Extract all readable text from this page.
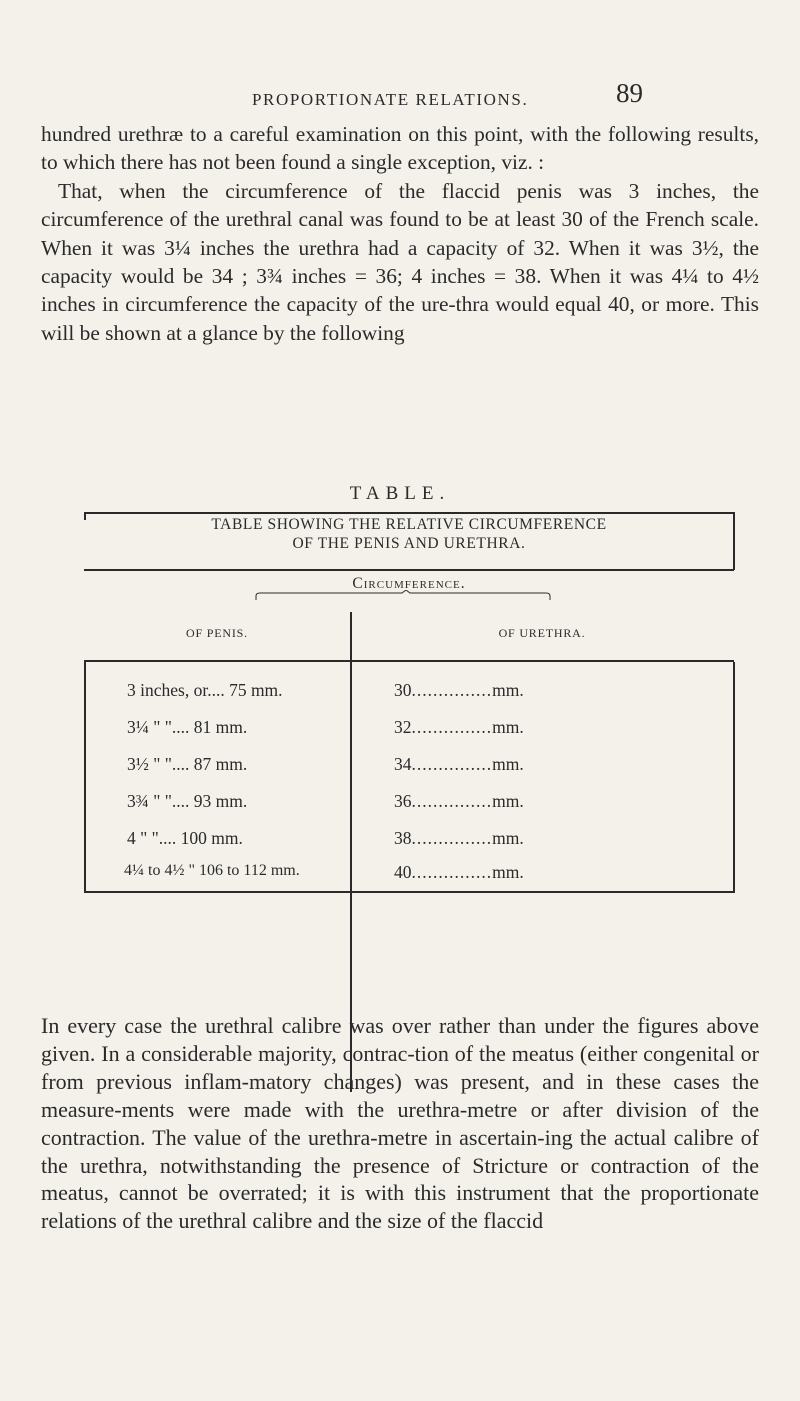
PROPORTIONATE RELATIONS.	89
hundred urethræ to a careful examination on this point, with the following results, to which there has not been found a single exception, viz. :
That, when the circumference of the flaccid penis was 3 inches, the circumference of the urethral canal was found to be at least 30 of the French scale. When it was 3¼ inches the urethra had a capacity of 32. When it was 3½, the capacity would be 34 ; 3¾ inches = 36; 4 inches = 38. When it was 4¼ to 4½ inches in circumference the capacity of the ure-thra would equal 40, or more. This will be shown at a glance by the following
TABLE.
TABLE SHOWING THE RELATIVE CIRCUMFERENCE
OF THE PENIS AND URETHRA.
Circumference.
OF PENIS.	OF URETHRA.
3 inches, or.... 75 mm.	30...............mm.
3¼ " ".... 81 mm.	32...............mm.
3½ " ".... 87 mm.	34...............mm.
3¾ " ".... 93 mm.	36...............mm.
4 " ".... 100 mm.	38...............mm.
4¼ to 4½ " 106 to 112 mm.	40...............mm.

In every case the urethral calibre was over rather than under the figures above given. In a considerable majority, contrac-tion of the meatus (either congenital or from previous inflam-matory changes) was present, and in these cases the measure-ments were made with the urethra-metre or after division of the contraction. The value of the urethra-metre in ascertain-ing the actual calibre of the urethra, notwithstanding the presence of Stricture or contraction of the meatus, cannot be overrated; it is with this instrument that the proportionate relations of the urethral calibre and the size of the flaccid
